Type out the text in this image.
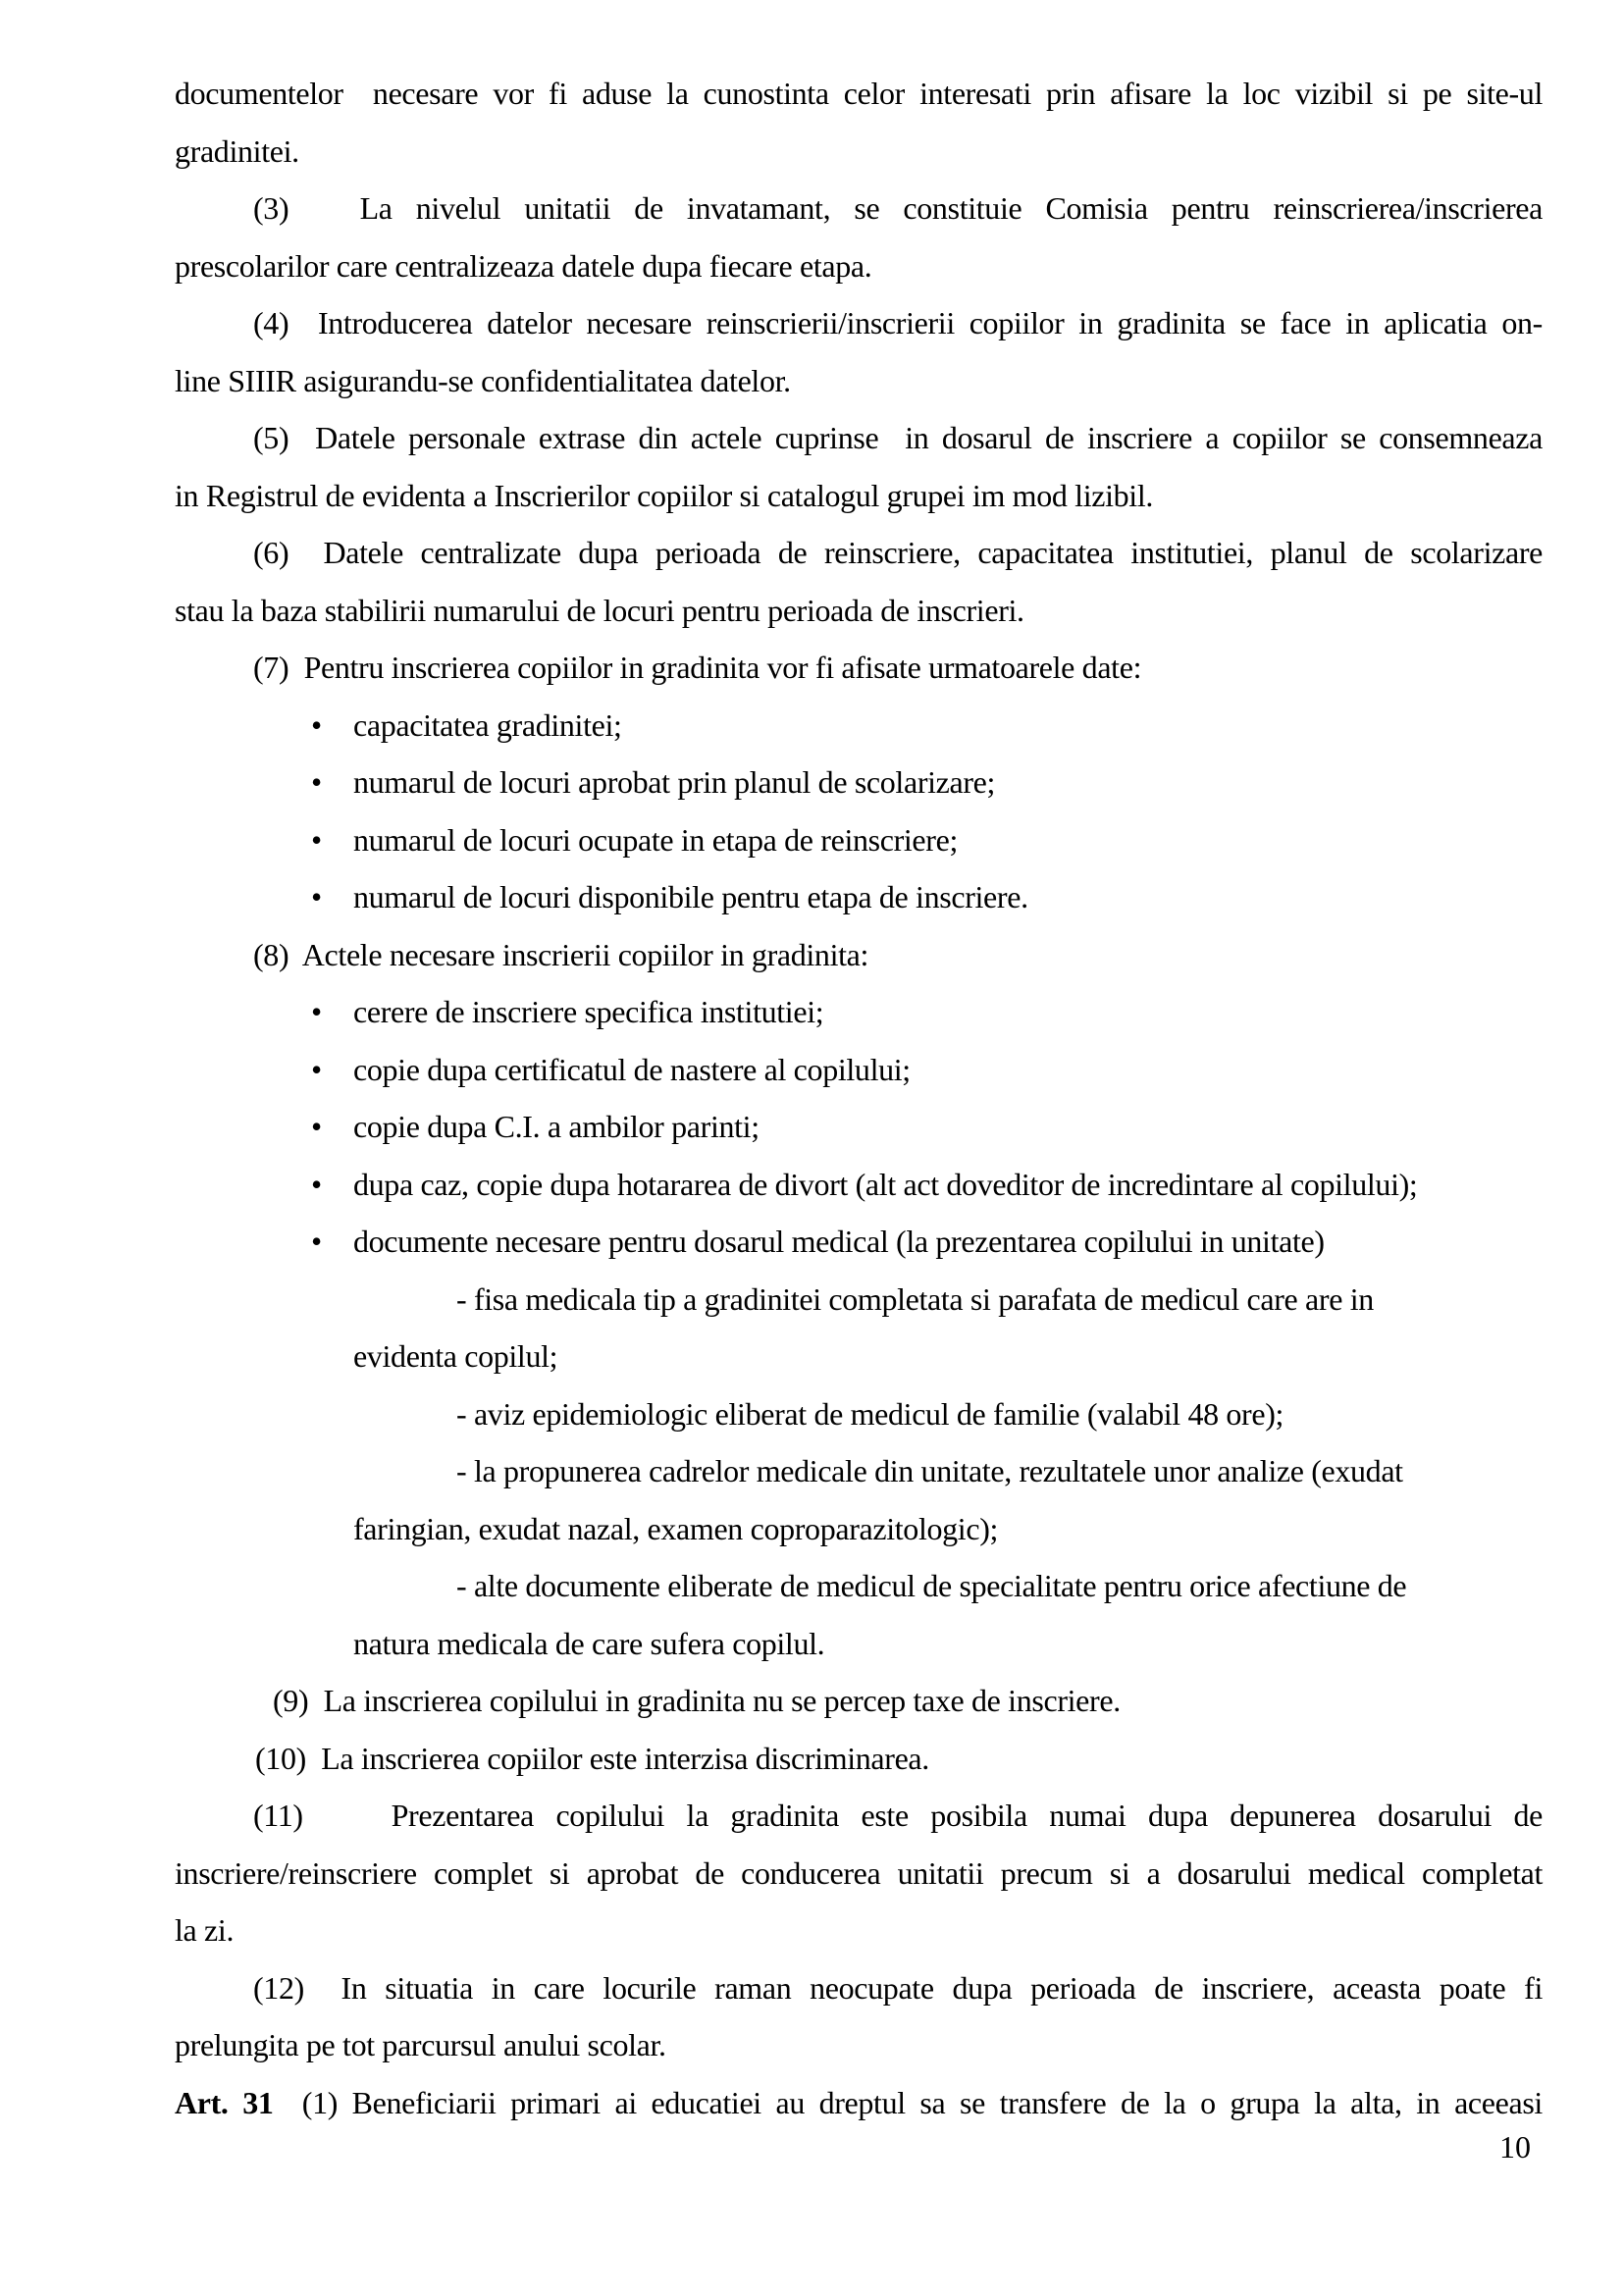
documentelor  necesare vor fi aduse la cunostinta celor interesati prin afisare la loc vizibil si pe site-ul
gradinitei.
(3)   La nivelul unitatii de invatamant, se constituie Comisia pentru reinscrierea/inscrierea
prescolarilor care centralizeaza datele dupa fiecare etapa.
(4)  Introducerea datelor necesare reinscrierii/inscrierii copiilor in gradinita se face in aplicatia on-
line SIIIR asigurandu-se confidentialitatea datelor.
(5)  Datele personale extrase din actele cuprinse  in dosarul de inscriere a copiilor se consemneaza
in Registrul de evidenta a Inscrierilor copiilor si catalogul grupei im mod lizibil.
(6)  Datele centralizate dupa perioada de reinscriere, capacitatea institutiei, planul de scolarizare
stau la baza stabilirii numarului de locuri pentru perioada de inscrieri.
(7)  Pentru inscrierea copiilor in gradinita vor fi afisate urmatoarele date:
• capacitatea gradinitei;
• numarul de locuri aprobat prin planul de scolarizare;
• numarul de locuri ocupate in etapa de reinscriere;
• numarul de locuri disponibile pentru etapa de inscriere.
(8)  Actele necesare inscrierii copiilor in gradinita:
• cerere de inscriere specifica institutiei;
• copie dupa certificatul de nastere al copilului;
• copie dupa C.I. a ambilor parinti;
• dupa caz, copie dupa hotararea de divort (alt act doveditor de incredintare al copilului);
• documente necesare pentru dosarul medical (la prezentarea copilului in unitate)
- fisa medicala tip a gradinitei completata si parafata de medicul care are in
evidenta copilul;
- aviz epidemiologic eliberat de medicul de familie (valabil 48 ore);
- la propunerea cadrelor medicale din unitate, rezultatele unor analize (exudat
faringian, exudat nazal, examen coproparazitologic);
- alte documente eliberate de medicul de specialitate pentru orice afectiune de
natura medicala de care sufera copilul.
(9)  La inscrierea copilului in gradinita nu se percep taxe de inscriere.
(10)  La inscrierea copiilor este interzisa discriminarea.
(11)    Prezentarea copilului la gradinita este posibila numai dupa depunerea dosarului de
inscriere/reinscriere complet si aprobat de conducerea unitatii precum si a dosarului medical completat
la zi.
(12)  In situatia in care locurile raman neocupate dupa perioada de inscriere, aceasta poate fi
prelungita pe tot parcursul anului scolar.
Art. 31  (1) Beneficiarii primari ai educatiei au dreptul sa se transfere de la o grupa la alta, in aceeasi
10
